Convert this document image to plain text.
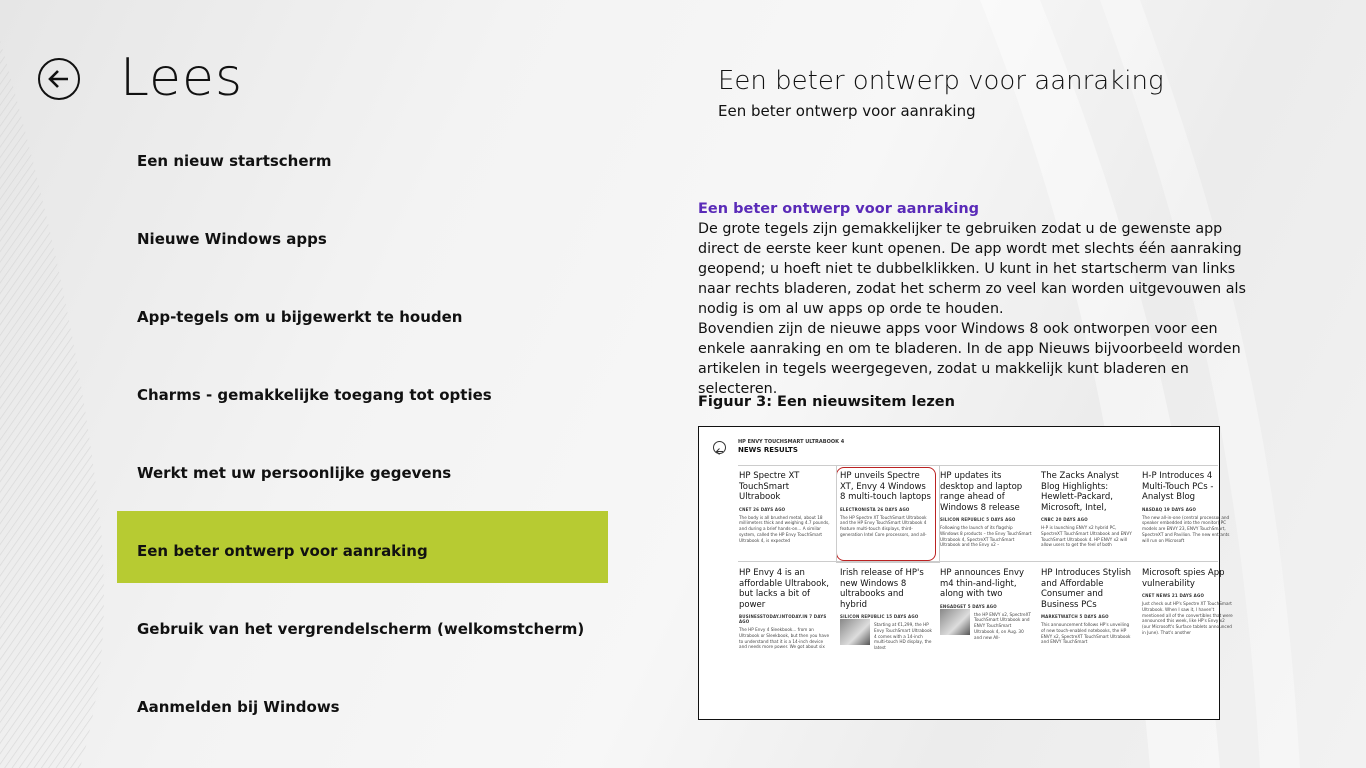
Lees
Een nieuw startscherm
Nieuwe Windows apps
App-tegels om u bijgewerkt te houden
Charms - gemakkelijke toegang tot opties
Werkt met uw persoonlijke gegevens
Een beter ontwerp voor aanraking
Gebruik van het vergrendelscherm (welkomstcherm)
Aanmelden bij Windows
Een beter ontwerp voor aanraking
Een beter ontwerp voor aanraking
Een beter ontwerp voor aanraking

De grote tegels zijn gemakkelijker te gebruiken zodat u de gewenste app direct de eerste keer kunt openen. De app wordt met slechts één aanraking geopend; u hoeft niet te dubbelklikken. U kunt in het startscherm van links naar rechts bladeren, zodat het scherm zo veel kan worden uitgevouwen als nodig is om al uw apps op orde te houden.

Bovendien zijn de nieuwe apps voor Windows 8 ook ontworpen voor een enkele aanraking en om te bladeren. In de app Nieuws bijvoorbeeld worden artikelen in tegels weergegeven, zodat u makkelijk kunt bladeren en selecteren.

Figuur 3: Een nieuwsitem lezen
HP ENVY TOUCHSMART ULTRABOOK 4
NEWS RESULTS
HP Spectre XT TouchSmart Ultrabook
CNET 26 DAYS AGO
The body is all brushed metal, about 18 millimeters thick and weighing 4.7 pounds, and during a brief hands-on... A similar system, called the HP Envy TouchSmart Ultrabook 4, is expected
HP unveils Spectre XT, Envy 4 Windows 8 multi-touch laptops
ELECTRONISTA 26 DAYS AGO
The HP Spectre XT TouchSmart Ultrabook and the HP Envy TouchSmart Ultrabook 4 feature multi-touch displays, third-generation Intel Core processors, and all-
HP updates its desktop and laptop range ahead of Windows 8 release
SILICON REPUBLIC 5 DAYS AGO
Following the launch of its flagship Windows 8 products – the Envy TouchSmart Ultrabook 4, SpectreXT TouchSmart Ultrabook and the Envy x2 –
The Zacks Analyst Blog Highlights: Hewlett-Packard, Microsoft, Intel,
CNBC 20 DAYS AGO
H-P is launching ENVY x2 hybrid PC, SpectreXT TouchSmart Ultrabook and ENVY TouchSmart Ultrabook 4. HP ENVY x2 will allow users to get the feel of both
H-P Introduces 4 Multi-Touch PCs - Analyst Blog
NASDAQ 19 DAYS AGO
The new all-in-one (central processor and speaker embedded into the monitor) PC models are ENVY 23, ENVY TouchSmart, SpectreXT and Pavilion. The new entrants will run on Microsoft
HP Envy 4 is an affordable Ultrabook, but lacks a bit of power
BUSINESSTODAY.INTODAY.IN 7 DAYS AGO
The HP Envy 4 Sleekbook... from an Ultrabook or Sleekbook, but then you have to understand that it is a 14-inch device and needs more power. We got about six
Irish release of HP's new Windows 8 ultrabooks and hybrid
SILICON REPUBLIC 15 DAYS AGO
Starting at €1,299, the HP Envy TouchSmart Ultrabook 4 comes with a 14-inch multi-touch HD display, the latest
HP announces Envy m4 thin-and-light, along with two
ENGADGET 5 DAYS AGO
the HP ENVY x2, SpectreXT TouchSmart Ultrabook and ENVY TouchSmart Ultrabook 4, on Aug. 30 and new All-
HP Introduces Stylish and Affordable Consumer and Business PCs
MARKETWATCH 5 DAYS AGO
This announcement follows HP's unveiling of new touch-enabled notebooks, the HP ENVY x2, SpectreXT TouchSmart Ultrabook and ENVY TouchSmart
Microsoft spies App vulnerability
CNET NEWS 21 DAYS AGO
Just check out HP's Spectre XT TouchSmart Ultrabook. When I saw it, I haven't mentioned all of the convertibles that were announced this week, like HP's Envy x2 (our Microsoft's Surface tablets announced in June). That's another
